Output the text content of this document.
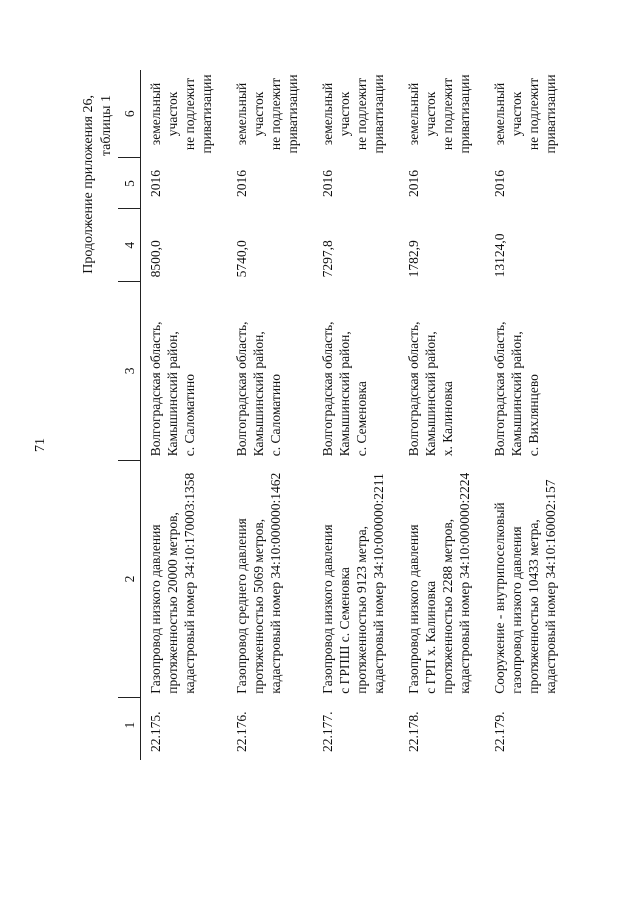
71
Продолжение приложения 26, таблицы 1
1	2	3	4	5	6
22.175.	Газопровод низкого давления протяженностью 20000 метров, кадастровый номер 34:10:170003:1358	Волгоградская область, Камышинский район, с. Саломатино	8500,0	2016	земельный участок не подлежит приватизации

22.176.	Газопровод среднего давления протяженностью 5069 метров, кадастровый номер 34:10:000000:1462	Волгоградская область, Камышинский район, с. Саломатино	5740,0	2016	земельный участок не подлежит приватизации

22.177.	Газопровод низкого давления с ГРПШ с. Семеновка протяженностью 9123 метра, кадастровый номер 34:10:000000:2211	Волгоградская область, Камышинский район, с. Семеновка	7297,8	2016	земельный участок не подлежит приватизации

22.178.	Газопровод низкого давления с ГРП х. Калиновка протяженностью 2288 метров, кадастровый номер 34:10:000000:2224	Волгоградская область, Камышинский район, х. Калиновка	1782,9	2016	земельный участок не подлежит приватизации

22.179.	Сооружение - внутрипоселковый газопровод низкого давления протяженностью 10433 метра, кадастровый номер 34:10:160002:157	Волгоградская область, Камышинский район, с. Вихлянцево	13124,0	2016	земельный участок не подлежит приватизации
